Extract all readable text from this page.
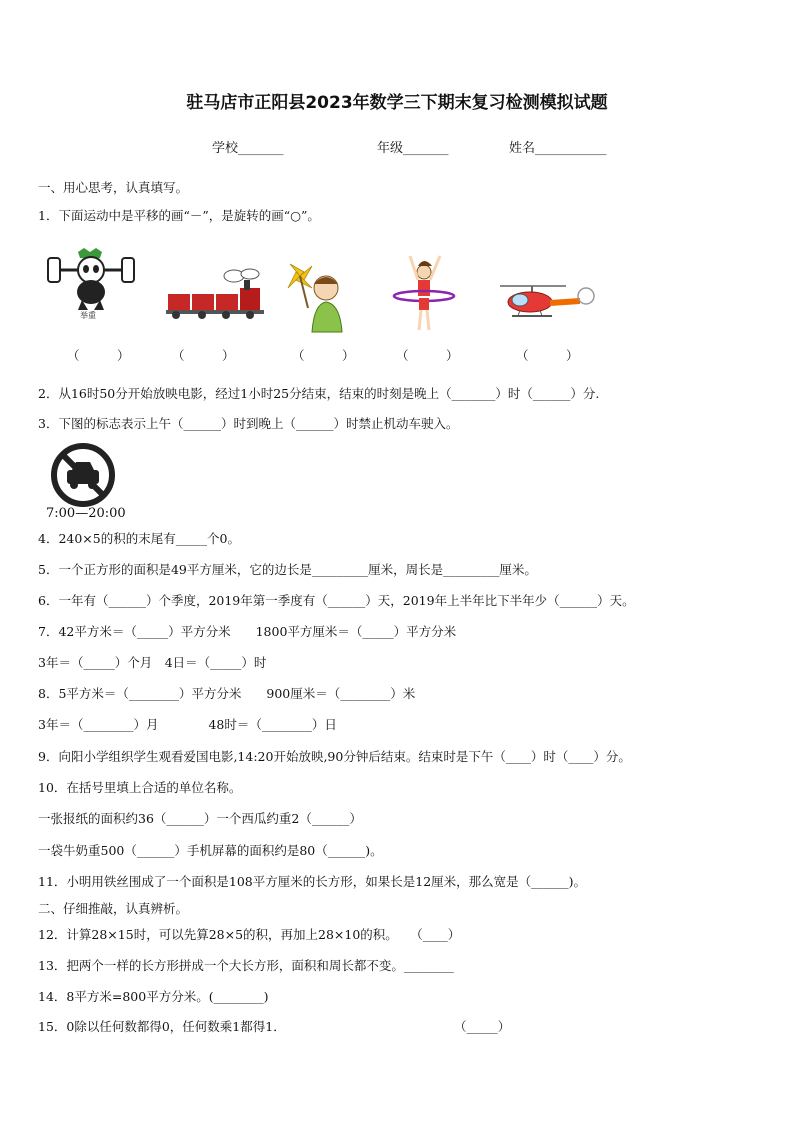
驻马店市正阳县2023年数学三下期末复习检测模拟试题
学校_______	年级_______	姓名___________
一、用心思考，认真填写。
1．下面运动中是平移的画“－”，是旋转的画“○”。
举重
（　　　）	（　　　）	（　　　）	（　　　）	（　　　）
2．从16时50分开始放映电影，经过1小时25分结束，结束的时刻是晚上（_______）时（______）分.
3．下图的标志表示上午（______）时到晚上（______）时禁止机动车驶入。
7:00—20:00
4．240×5的积的末尾有_____个0。
5．一个正方形的面积是49平方厘米，它的边长是_________厘米，周长是_________厘米。
6．一年有（______）个季度，2019年第一季度有（______）天，2019年上半年比下半年少（______）天。
7．42平方米＝（_____）平方分米　　1800平方厘米＝（_____）平方分米
3年＝（_____）个月　4日＝（_____）时
8．5平方米＝（________）平方分米　　900厘米＝（________）米
3年＝（________）月　　　　48时＝（________）日
9．向阳小学组织学生观看爱国电影,14:20开始放映,90分钟后结束。结束时是下午（____）时（____）分。
10．在括号里填上合适的单位名称。
一张报纸的面积约36（______）一个西瓜约重2（______）
一袋牛奶重500（______）手机屏幕的面积约是80（______)。
11．小明用铁丝围成了一个面积是108平方厘米的长方形，如果长是12厘米，那么宽是（______)。
二、仔细推敲，认真辨析。
12．计算28×15时，可以先算28×5的积，再加上28×10的积。　　（____）
13．把两个一样的长方形拼成一个大长方形，面积和周长都不变。________
14．8平方米=800平方分米。(________)
15．0除以任何数都得0，任何数乘1都得1．	（_____）
